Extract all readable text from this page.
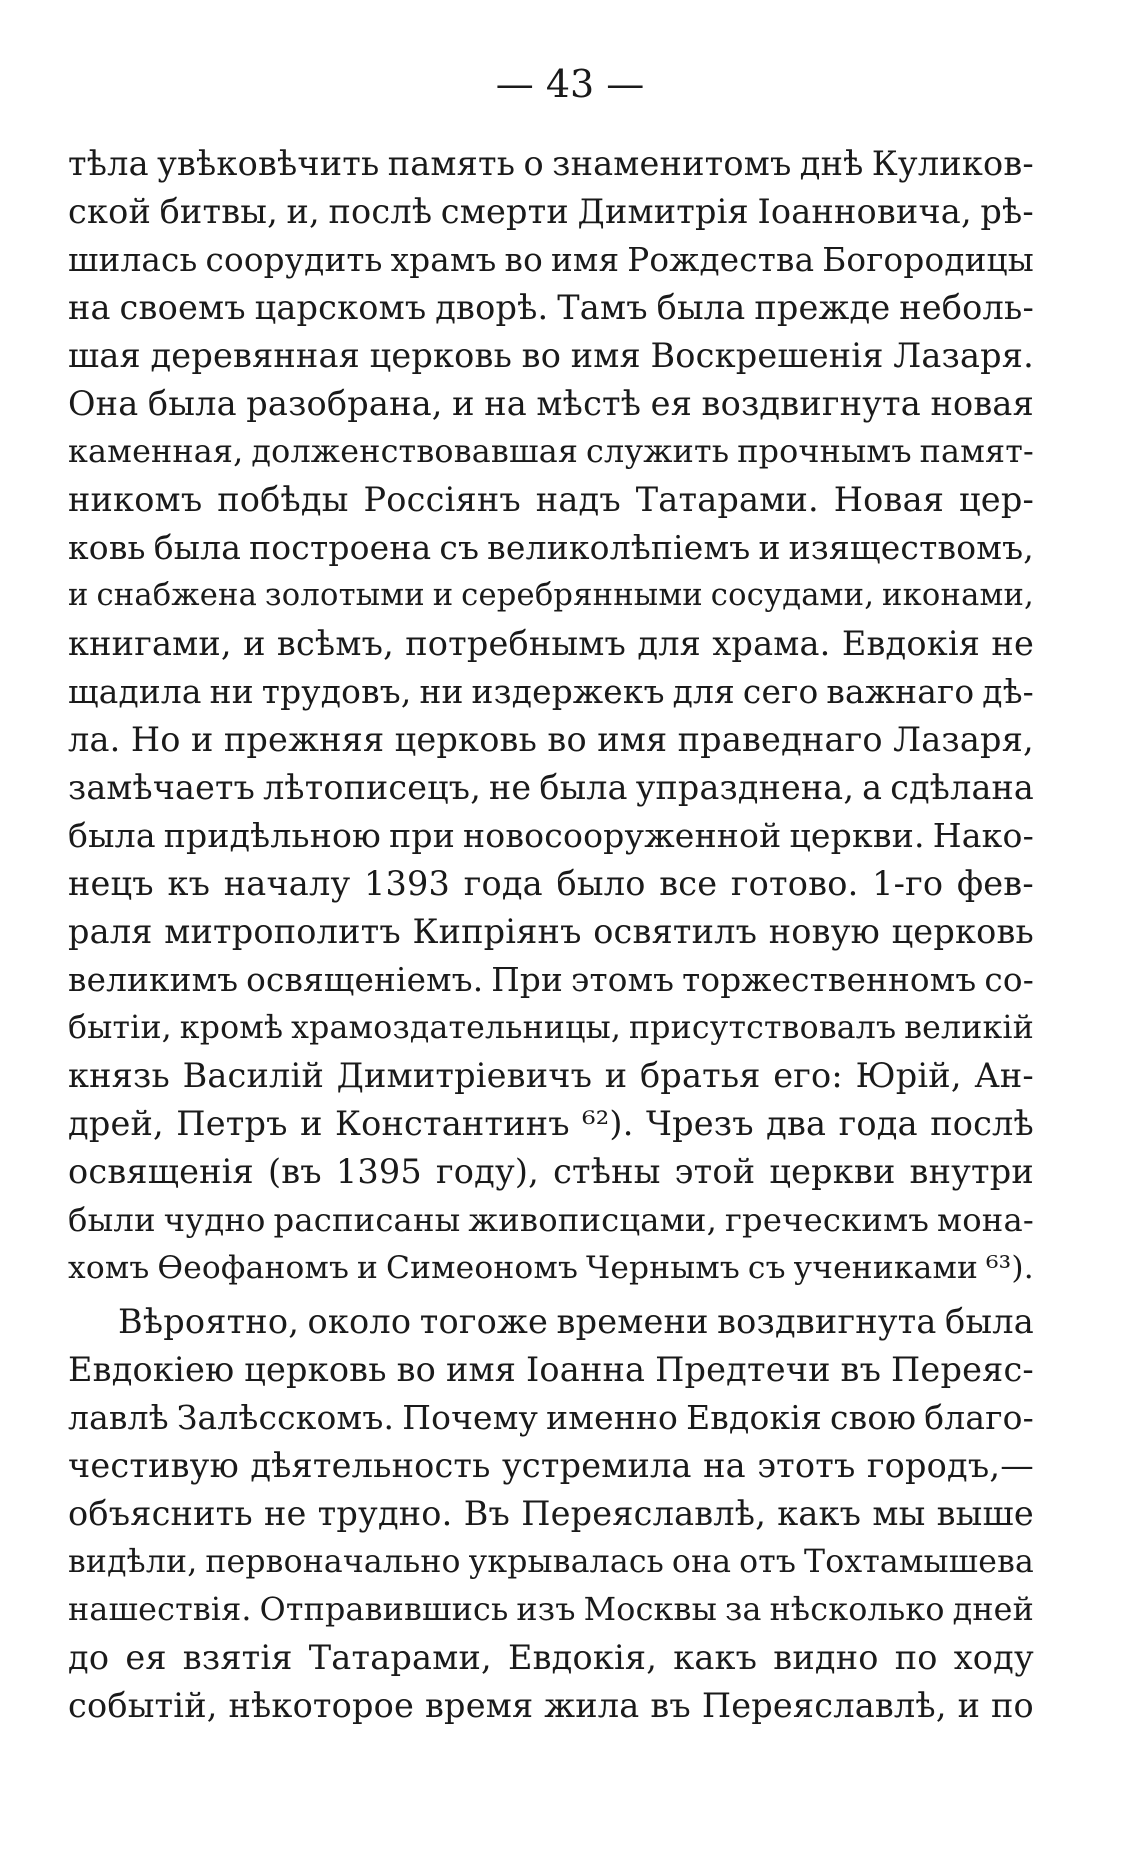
— 43 —
тѣла увѣковѣчить память о знаменитомъ днѣ Куликов-
ской битвы, и, послѣ смерти Димитрія Іоанновича, рѣ-
шилась соорудить храмъ во имя Рождества Богородицы
на своемъ царскомъ дворѣ. Тамъ была прежде неболь-
шая деревянная церковь во имя Воскрешенія Лазаря.
Она была разобрана, и на мѣстѣ ея воздвигнута новая
каменная, долженствовавшая служить прочнымъ памят-
никомъ побѣды Россіянъ надъ Татарами. Новая цер-
ковь была построена съ великолѣпіемъ и изяществомъ,
и снабжена золотыми и серебрянными сосудами, иконами,
книгами, и всѣмъ, потребнымъ для храма. Евдокія не
щадила ни трудовъ, ни издержекъ для сего важнаго дѣ-
ла. Но и прежняя церковь во имя праведнаго Лазаря,
замѣчаетъ лѣтописецъ, не была упразднена, а сдѣлана
была придѣльною при новосооруженной церкви. Нако-
нецъ къ началу 1393 года было все готово. 1-го фев-
раля митрополитъ Кипріянъ освятилъ новую церковь
великимъ освященіемъ. При этомъ торжественномъ со-
бытіи, кромѣ храмоздательницы, присутствовалъ великій
князь Василій Димитріевичъ и братья его: Юрій, Ан-
дрей, Петръ и Константинъ ⁶²). Чрезъ два года послѣ
освященія (въ 1395 году), стѣны этой церкви внутри
были чудно расписаны живописцами, греческимъ мона-
хомъ Ѳеофаномъ и Симеономъ Чернымъ съ учениками ⁶³).
Вѣроятно, около тогоже времени воздвигнута была
Евдокіею церковь во имя Іоанна Предтечи въ Переяс-
лавлѣ Залѣсскомъ. Почему именно Евдокія свою благо-
честивую дѣятельность устремила на этотъ городъ,—
объяснить не трудно. Въ Переяславлѣ, какъ мы выше
видѣли, первоначально укрывалась она отъ Тохтамышева
нашествія. Отправившись изъ Москвы за нѣсколько дней
до ея взятія Татарами, Евдокія, какъ видно по ходу
событій, нѣкоторое время жила въ Переяславлѣ, и по
